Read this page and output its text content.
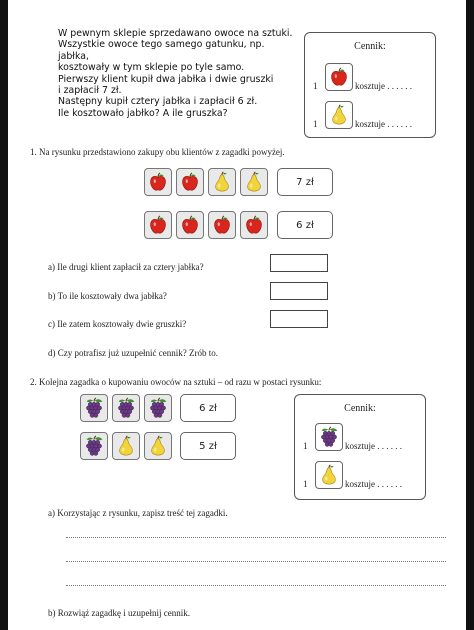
W pewnym sklepie sprzedawano owoce na sztuki.

Wszystkie owoce tego samego gatunku, np. jabłka,

kosztowały w tym sklepie po tyle samo.

Pierwszy klient kupił dwa jabłka i dwie gruszki

i zapłacił 7 zł.

Następny kupił cztery jabłka i zapłacił 6 zł.

Ile kosztowało jabłko? A ile gruszka?

Cennik:
1	kosztuje . . . . . .
1	kosztuje . . . . . .
1. Na rysunku przedstawiono zakupy obu klientów z zagadki powyżej.
7 zł
6 zł
a) Ile drugi klient zapłacił za cztery jabłka?
b) To ile kosztowały dwa jabłka?
c) Ile zatem kosztowały dwie gruszki?
d) Czy potrafisz już uzupełnić cennik? Zrób to.
2. Kolejna zagadka o kupowaniu owoców na sztuki – od razu w postaci rysunku:
6 zł
5 zł
Cennik:
1	kosztuje . . . . . .
1	kosztuje . . . . . .
a) Korzystając z rysunku, zapisz treść tej zagadki.
b) Rozwiąż zagadkę i uzupełnij cennik.
